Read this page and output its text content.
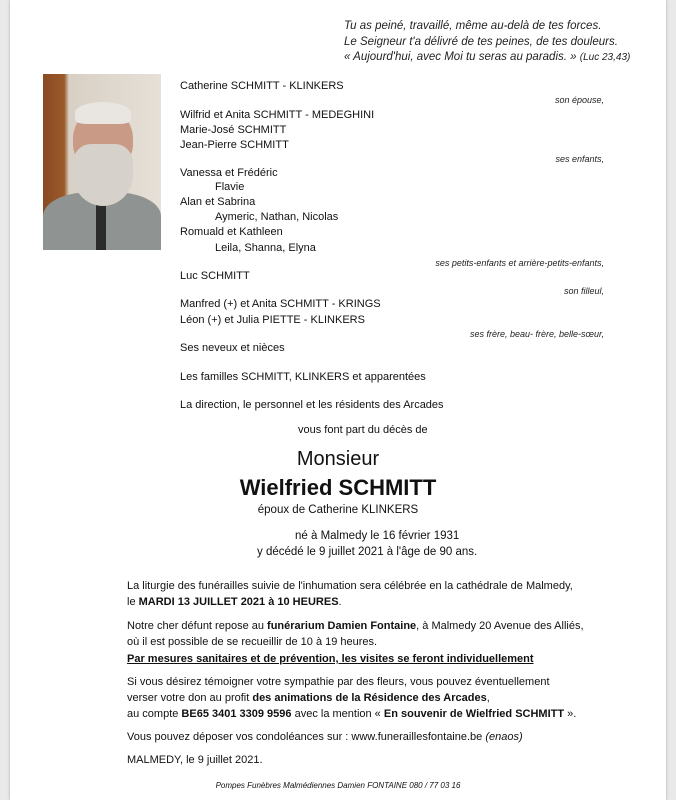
Tu as peiné, travaillé, même au-delà de tes forces.
Le Seigneur t'a délivré de tes peines, de tes douleurs.
« Aujourd'hui, avec Moi tu seras au paradis. » (Luc 23,43)
Catherine SCHMITT - KLINKERS
son épouse,
Wilfrid et Anita SCHMITT - MEDEGHINI
Marie-José SCHMITT
Jean-Pierre SCHMITT
ses enfants,
Vanessa et Frédéric
Flavie
Alan et Sabrina
Aymeric, Nathan, Nicolas
Romuald et Kathleen
Leila, Shanna, Elyna
ses petits-enfants et arrière-petits-enfants,
Luc SCHMITT
son filleul,
Manfred (+) et Anita SCHMITT - KRINGS
Léon (+) et Julia PIETTE - KLINKERS
ses frère, beau- frère, belle-sœur,
Ses neveux et nièces
Les familles SCHMITT, KLINKERS et apparentées
La direction, le personnel et les résidents des Arcades
vous font part du décès de
Monsieur
Wielfried SCHMITT
époux de Catherine KLINKERS
né à Malmedy le 16 février 1931
y décédé le 9 juillet 2021 à l'âge de 90 ans.
La liturgie des funérailles suivie de l'inhumation sera célébrée en la cathédrale de Malmedy,
le MARDI 13 JUILLET 2021 à 10 HEURES.
Notre cher défunt repose au funérarium Damien Fontaine, à Malmedy 20 Avenue des Alliés,
où il est possible de se recueillir de 10 à 19 heures.
Par mesures sanitaires et de prévention, les visites se feront individuellement
Si vous désirez témoigner votre sympathie par des fleurs, vous pouvez éventuellement
verser votre don au profit des animations de la Résidence des Arcades,
au compte BE65 3401 3309 9596 avec la mention « En souvenir de Wielfried SCHMITT ».
Vous pouvez déposer vos condoléances sur : www.funeraillesfontaine.be (enaos)
MALMEDY, le 9 juillet 2021.
Pompes Funèbres Malmédiennes Damien FONTAINE 080 / 77 03 16
